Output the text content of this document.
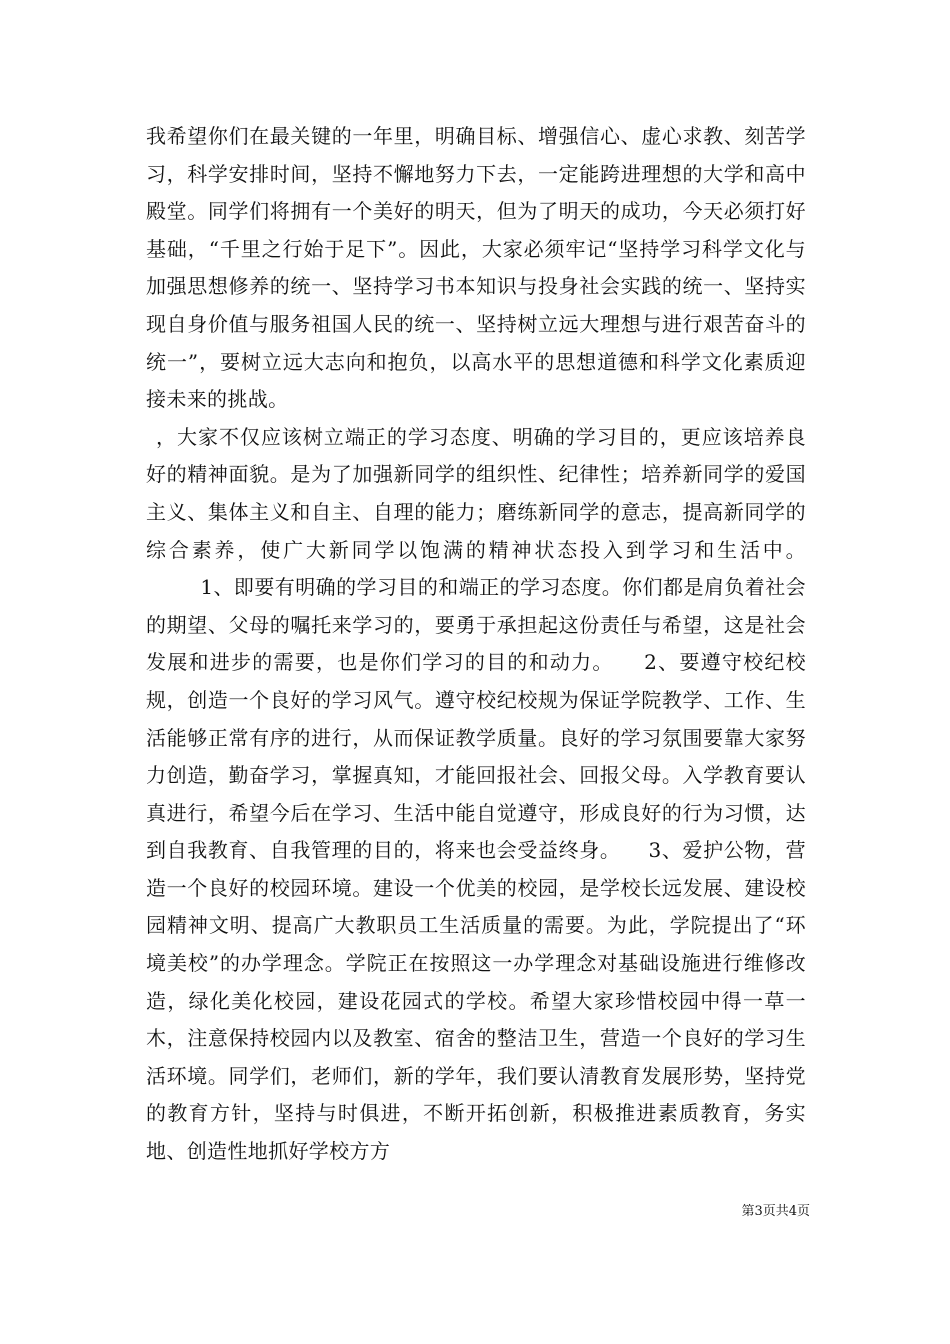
我希望你们在最关键的一年里，明确目标、增强信心、虚心求教、刻苦学习，科学安排时间，坚持不懈地努力下去，一定能跨进理想的大学和高中殿堂。同学们将拥有一个美好的明天，但为了明天的成功，今天必须打好基础，“千里之行始于足下”。因此，大家必须牢记“坚持学习科学文化与加强思想修养的统一、坚持学习书本知识与投身社会实践的统一、坚持实现自身价值与服务祖国人民的统一、坚持树立远大理想与进行艰苦奋斗的统一”，要树立远大志向和抱负，以高水平的思想道德和科学文化素质迎接未来的挑战。

，大家不仅应该树立端正的学习态度、明确的学习目的，更应该培养良好的精神面貌。是为了加强新同学的组织性、纪律性；培养新同学的爱国主义、集体主义和自主、自理的能力；磨练新同学的意志，提高新同学的综合素养，使广大新同学以饱满的精神状态投入到学习和生活中。        1、即要有明确的学习目的和端正的学习态度。你们都是肩负着社会的期望、父母的嘱托来学习的，要勇于承担起这份责任与希望，这是社会发展和进步的需要，也是你们学习的目的和动力。 2、要遵守校纪校规，创造一个良好的学习风气。遵守校纪校规为保证学院教学、工作、生活能够正常有序的进行，从而保证教学质量。良好的学习氛围要靠大家努力创造，勤奋学习，掌握真知，才能回报社会、回报父母。入学教育要认真进行，希望今后在学习、生活中能自觉遵守，形成良好的行为习惯，达到自我教育、自我管理的目的，将来也会受益终身。 3、爱护公物，营造一个良好的校园环境。建设一个优美的校园，是学校长远发展、建设校园精神文明、提高广大教职员工生活质量的需要。为此，学院提出了“环境美校”的办学理念。学院正在按照这一办学理念对基础设施进行维修改造，绿化美化校园，建设花园式的学校。希望大家珍惜校园中得一草一木，注意保持校园内以及教室、宿舍的整洁卫生，营造一个良好的学习生活环境。同学们，老师们，新的学年，我们要认清教育发展形势，坚持党的教育方针，坚持与时俱进，不断开拓创新，积极推进素质教育，务实地、创造性地抓好学校方方

第3页共4页
